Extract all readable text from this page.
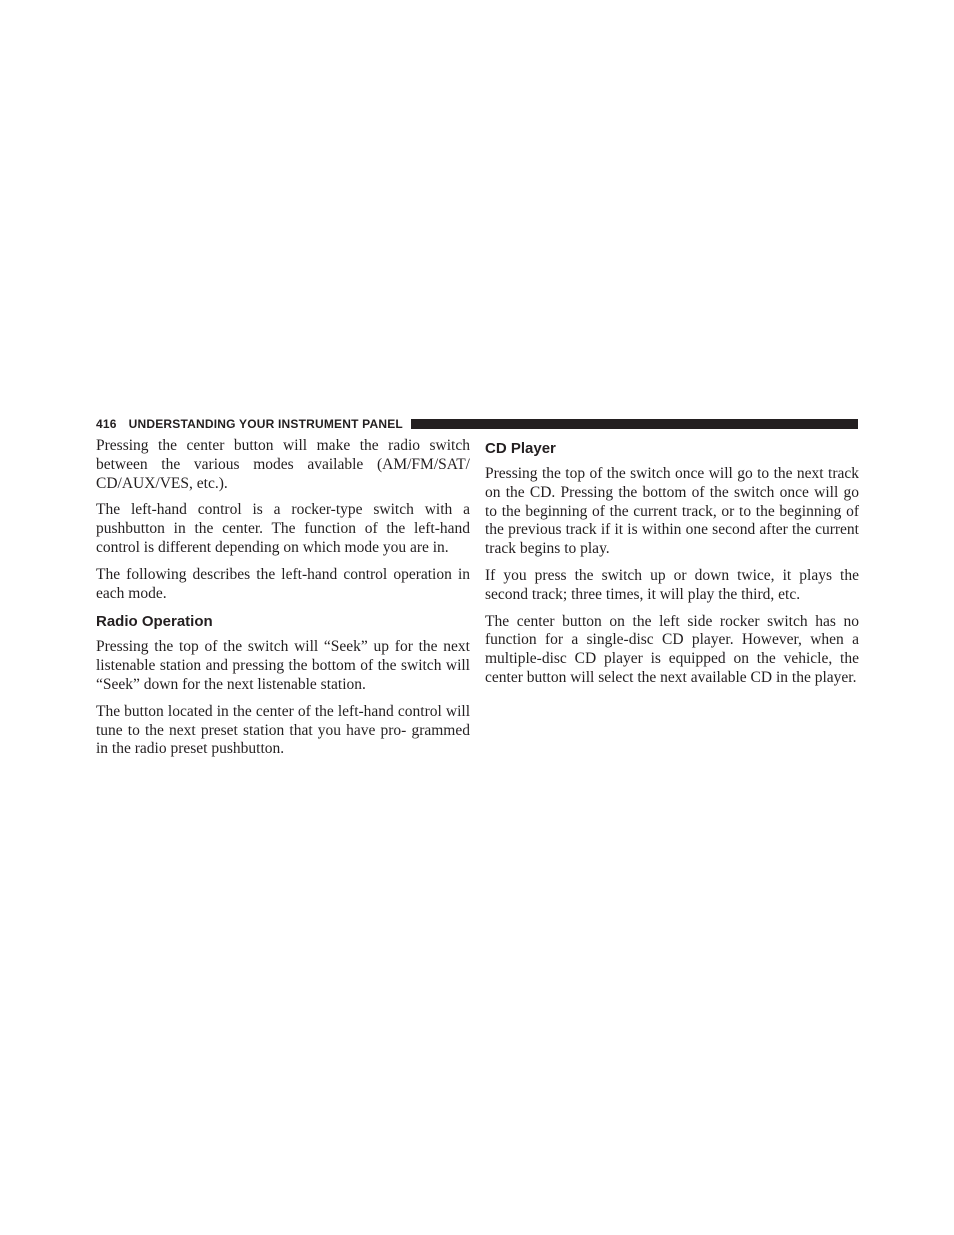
416 UNDERSTANDING YOUR INSTRUMENT PANEL

Pressing the center button will make the radio switch between the various modes available (AM/FM/SAT/ CD/AUX/VES, etc.).

The left-hand control is a rocker-type switch with a pushbutton in the center. The function of the left-hand control is different depending on which mode you are in.

The following describes the left-hand control operation in each mode.

Radio Operation

Pressing the top of the switch will “Seek” up for the next listenable station and pressing the bottom of the switch will “Seek” down for the next listenable station.

The button located in the center of the left-hand control will tune to the next preset station that you have pro- grammed in the radio preset pushbutton.

CD Player

Pressing the top of the switch once will go to the next track on the CD. Pressing the bottom of the switch once will go to the beginning of the current track, or to the beginning of the previous track if it is within one second after the current track begins to play.

If you press the switch up or down twice, it plays the second track; three times, it will play the third, etc.

The center button on the left side rocker switch has no function for a single-disc CD player. However, when a multiple-disc CD player is equipped on the vehicle, the center button will select the next available CD in the player.
